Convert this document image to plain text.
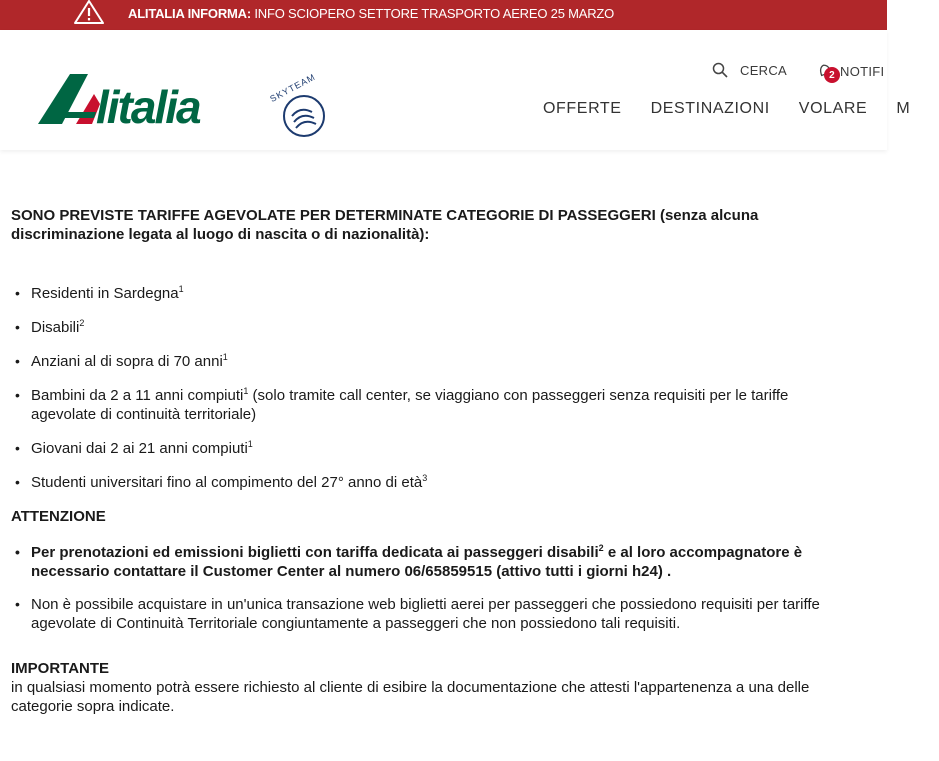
ALITALIA INFORMA: INFO SCIOPERO SETTORE TRASPORTO AEREO 25 MARZO
litalia	SKYTEAM
CERCA	2 NOTIFI
OFFERTE DESTINAZIONI VOLARE M

SONO PREVISTE TARIFFE AGEVOLATE PER DETERMINATE CATEGORIE DI PASSEGGERI (senza alcuna discriminazione legata al luogo di nascita o di nazionalità):

• Residenti in Sardegna$^1$
• Disabili$^2$
• Anziani al di sopra di 70 anni$^1$
• Bambini da 2 a 11 anni compiuti$^1$ (solo tramite call center, se viaggiano con passeggeri senza requisiti per le tariffe agevolate di continuità territoriale)
• Giovani dai 2 ai 21 anni compiuti$^1$
• Studenti universitari fino al compimento del 27° anno di età$^3$
ATTENZIONE
• Per prenotazioni ed emissioni biglietti con tariffa dedicata ai passeggeri disabili$^2$ e al loro accompagnatore è necessario contattare il Customer Center al numero 06/65859515 (attivo tutti i giorni h24) .
• Non è possibile acquistare in un'unica transazione web biglietti aerei per passeggeri che possiedono requisiti per tariffe agevolate di Continuità Territoriale congiuntamente a passeggeri che non possiedono tali requisiti.
IMPORTANTE
in qualsiasi momento potrà essere richiesto al cliente di esibire la documentazione che attesti l'appartenenza a una delle categorie sopra indicate.
